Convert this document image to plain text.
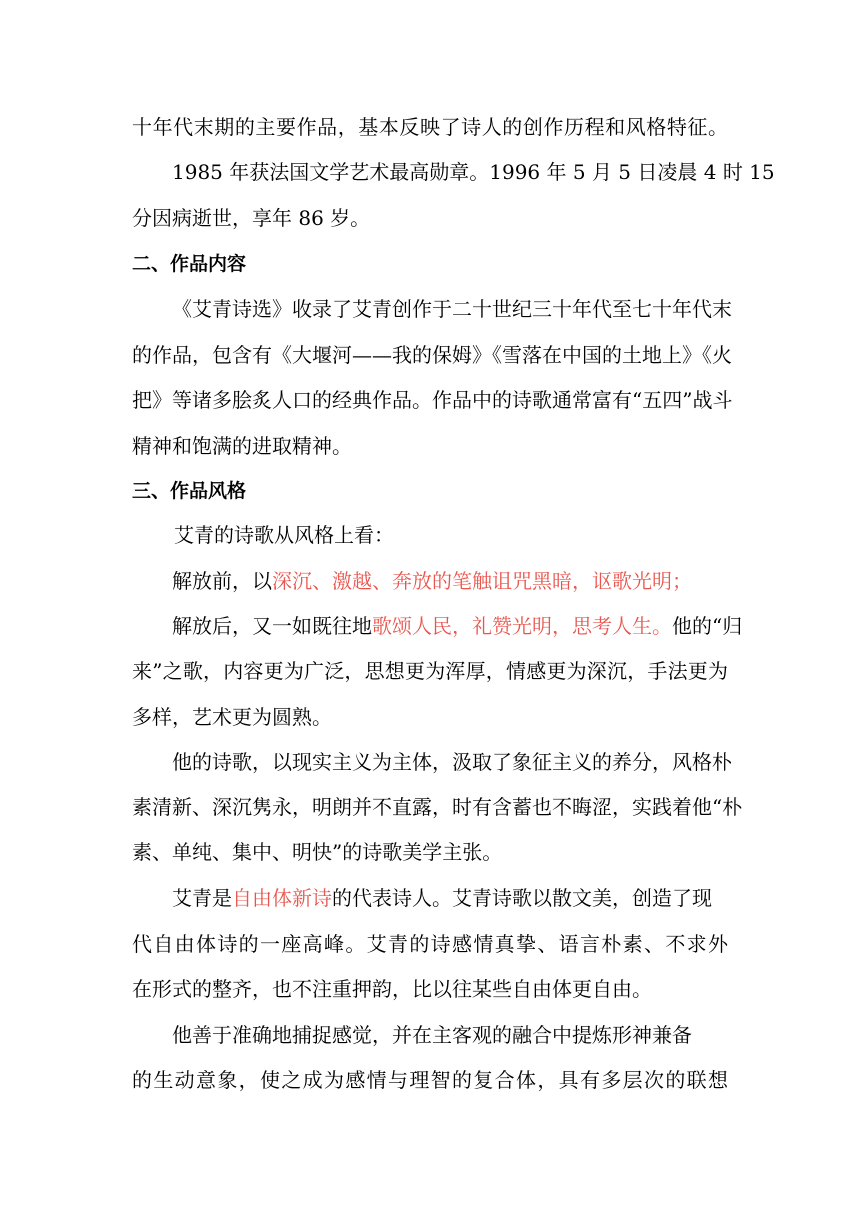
十年代末期的主要作品，基本反映了诗人的创作历程和风格特征。
1985 年获法国文学艺术最高勋章。1996 年 5 月 5 日凌晨 4 时 15
分因病逝世，享年 86 岁。
二、作品内容
《艾青诗选》收录了艾青创作于二十世纪三十年代至七十年代末
的作品，包含有《大堰河——我的保姆》《雪落在中国的土地上》《火
把》等诸多脍炙人口的经典作品。作品中的诗歌通常富有“五四”战斗
精神和饱满的进取精神。
三、作品风格
艾青的诗歌从风格上看：
解放前，以深沉、激越、奔放的笔触诅咒黑暗，讴歌光明；
解放后，又一如既往地歌颂人民，礼赞光明，思考人生。他的“归
来”之歌，内容更为广泛，思想更为浑厚，情感更为深沉，手法更为
多样，艺术更为圆熟。
他的诗歌，以现实主义为主体，汲取了象征主义的养分，风格朴
素清新、深沉隽永，明朗并不直露，时有含蓄也不晦涩，实践着他“朴
素、单纯、集中、明快”的诗歌美学主张。
艾青是自由体新诗的代表诗人。艾青诗歌以散文美，创造了现
代自由体诗的一座高峰。艾青的诗感情真挚、语言朴素、不求外
在形式的整齐，也不注重押韵，比以往某些自由体更自由。
他善于准确地捕捉感觉，并在主客观的融合中提炼形神兼备
的生动意象，使之成为感情与理智的复合体，具有多层次的联想
